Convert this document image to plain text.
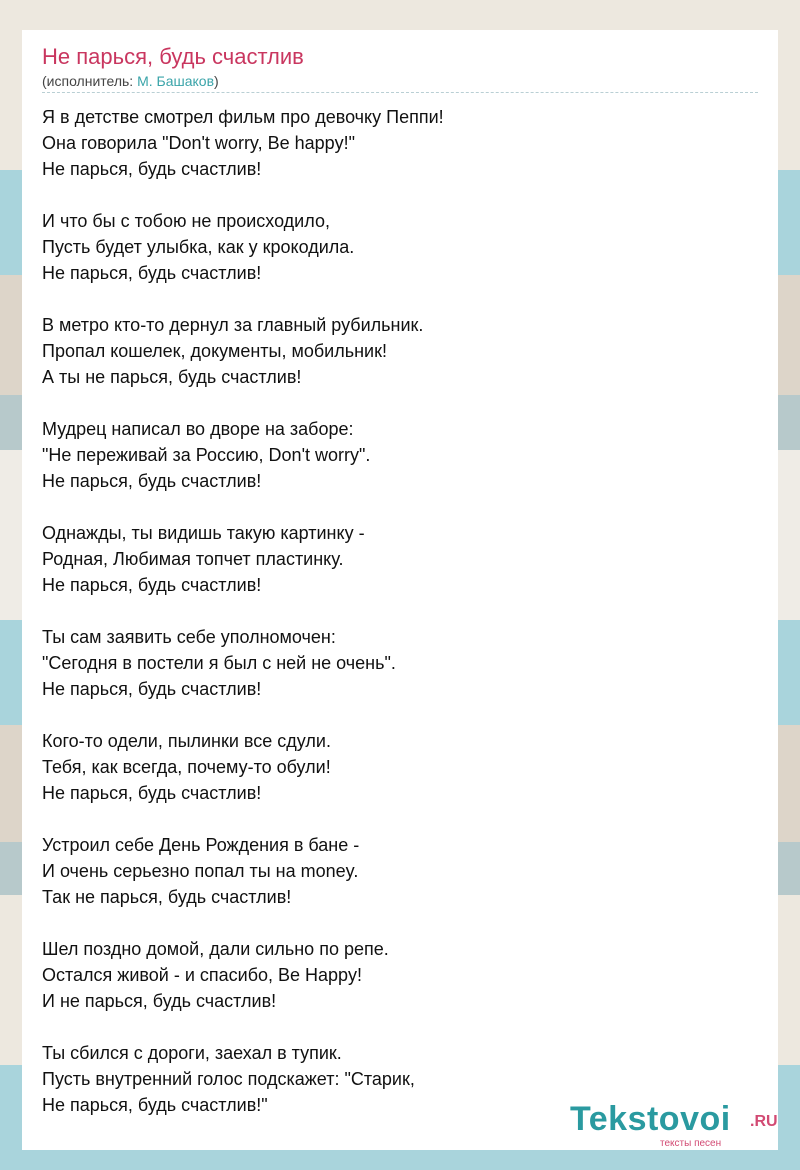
Не парься, будь счастлив
(исполнитель: М. Башаков)
Я в детстве смотрел фильм про девочку Пеппи!
Она говорила "Don't worry, Be happy!"
Не парься, будь счастлив!
И что бы с тобою не происходило,
Пусть будет улыбка, как у крокодила.
Не парься, будь счастлив!
В метро кто-то дернул за главный рубильник.
Пропал кошелек, документы, мобильник!
А ты не парься, будь счастлив!
Мудрец написал во дворе на заборе:
"Не переживай за Россию, Don't worry".
Не парься, будь счастлив!
Однажды, ты видишь такую картинку -
Родная, Любимая топчет пластинку.
Не парься, будь счастлив!
Ты сам заявить себе уполномочен:
"Сегодня в постели я был с ней не очень".
Не парься, будь счастлив!
Кого-то одели, пылинки все сдули.
Тебя, как всегда, почему-то обули!
Не парься, будь счастлив!
Устроил себе День Рождения в бане -
И очень серьезно попал ты на money.
Так не парься, будь счастлив!
Шел поздно домой, дали сильно по репе.
Остался живой - и спасибо, Be Happy!
И не парься, будь счастлив!
Ты сбился с дороги, заехал в тупик.
Пусть внутренний голос подскажет: "Старик,
Не парься, будь счастлив!"	Tekstovoi .RU
тексты песен
